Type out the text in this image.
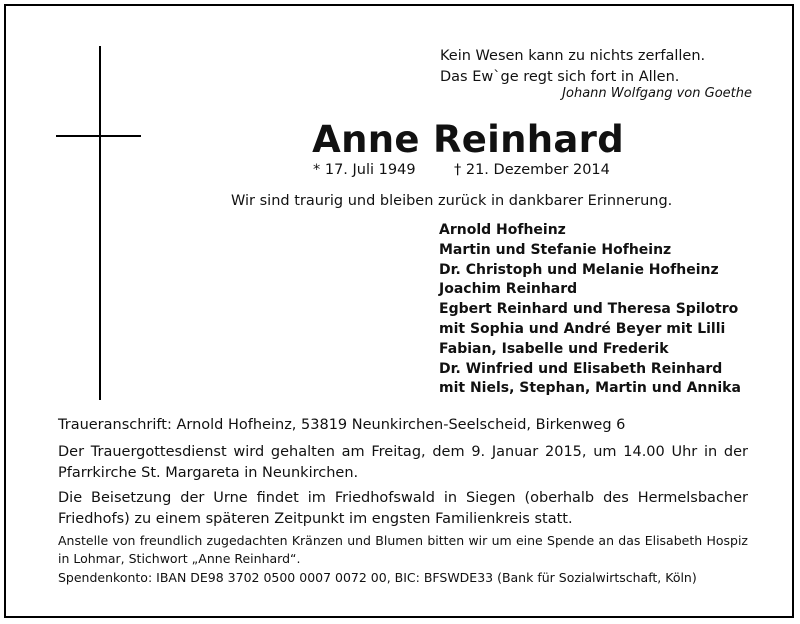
Kein Wesen kann zu nichts zerfallen.
Das Ew`ge regt sich fort in Allen.
Johann Wolfgang von Goethe
Anne Reinhard
* 17. Juli 1949	† 21. Dezember 2014
Wir sind traurig und bleiben zurück in dankbarer Erinnerung.
Arnold Hofheinz
Martin und Stefanie Hofheinz
Dr. Christoph und Melanie Hofheinz
Joachim Reinhard
Egbert Reinhard und Theresa Spilotro
mit Sophia und André Beyer mit Lilli
Fabian, Isabelle und Frederik
Dr. Winfried und Elisabeth Reinhard
mit Niels, Stephan, Martin und Annika
Traueranschrift: Arnold Hofheinz, 53819 Neunkirchen-Seelscheid, Birkenweg 6
Der Trauergottesdienst wird gehalten am Freitag, dem 9. Januar 2015, um 14.00 Uhr in der Pfarrkirche St. Margareta in Neunkirchen.
Die Beisetzung der Urne findet im Friedhofswald in Siegen (oberhalb des Hermelsbacher Friedhofs) zu einem späteren Zeitpunkt im engsten Familienkreis statt.
Anstelle von freundlich zugedachten Kränzen und Blumen bitten wir um eine Spende an das Elisabeth Hospiz in Lohmar, Stichwort „Anne Reinhard“.
Spendenkonto: IBAN DE98 3702 0500 0007 0072 00, BIC: BFSWDE33 (Bank für Sozialwirtschaft, Köln)
